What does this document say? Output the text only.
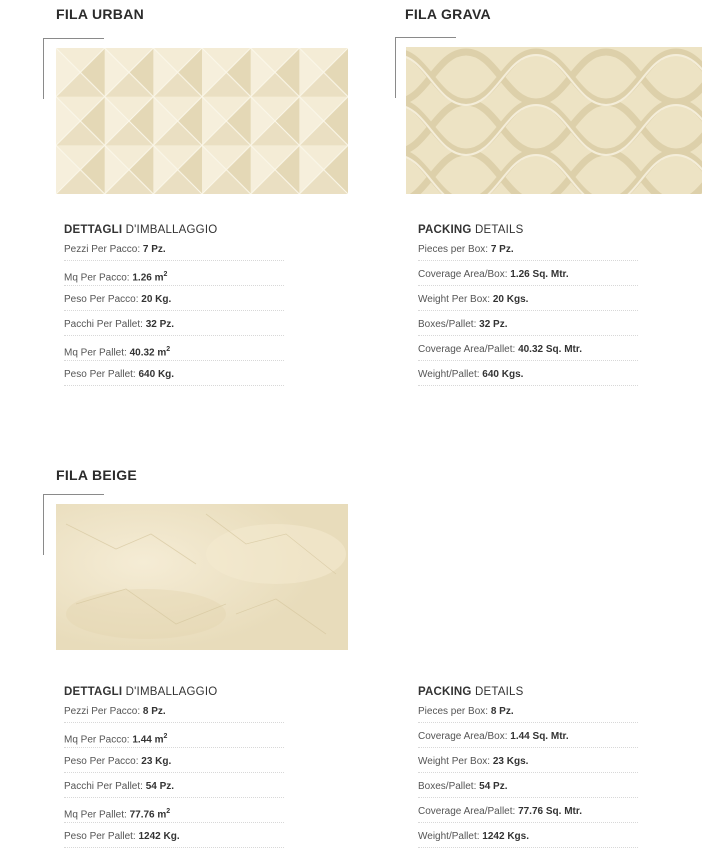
FILA URBAN	FILA GRAVA
FILA BEIGE
DETTAGLI D'IMBALLAGGIO
Pezzi Per Pacco: 7 Pz.
Mq Per Pacco: 1.26 $m^2$
Peso Per Pacco: 20 Kg.
Pacchi Per Pallet: 32 Pz.
Mq Per Pallet: 40.32 $m^2$
Peso Per Pallet: 640 Kg.
PACKING DETAILS
Pieces per Box: 7 Pz.
Coverage Area/Box: 1.26 Sq. Mtr.
Weight Per Box: 20 Kgs.
Boxes/Pallet: 32 Pz.
Coverage Area/Pallet: 40.32 Sq. Mtr.
Weight/Pallet: 640 Kgs.
DETTAGLI D'IMBALLAGGIO
Pezzi Per Pacco: 8 Pz.
Mq Per Pacco: 1.44 $m^2$
Peso Per Pacco: 23 Kg.
Pacchi Per Pallet: 54 Pz.
Mq Per Pallet: 77.76 $m^2$
Peso Per Pallet: 1242 Kg.
PACKING DETAILS
Pieces per Box: 8 Pz.
Coverage Area/Box: 1.44 Sq. Mtr.
Weight Per Box: 23 Kgs.
Boxes/Pallet: 54 Pz.
Coverage Area/Pallet: 77.76 Sq. Mtr.
Weight/Pallet: 1242 Kgs.
